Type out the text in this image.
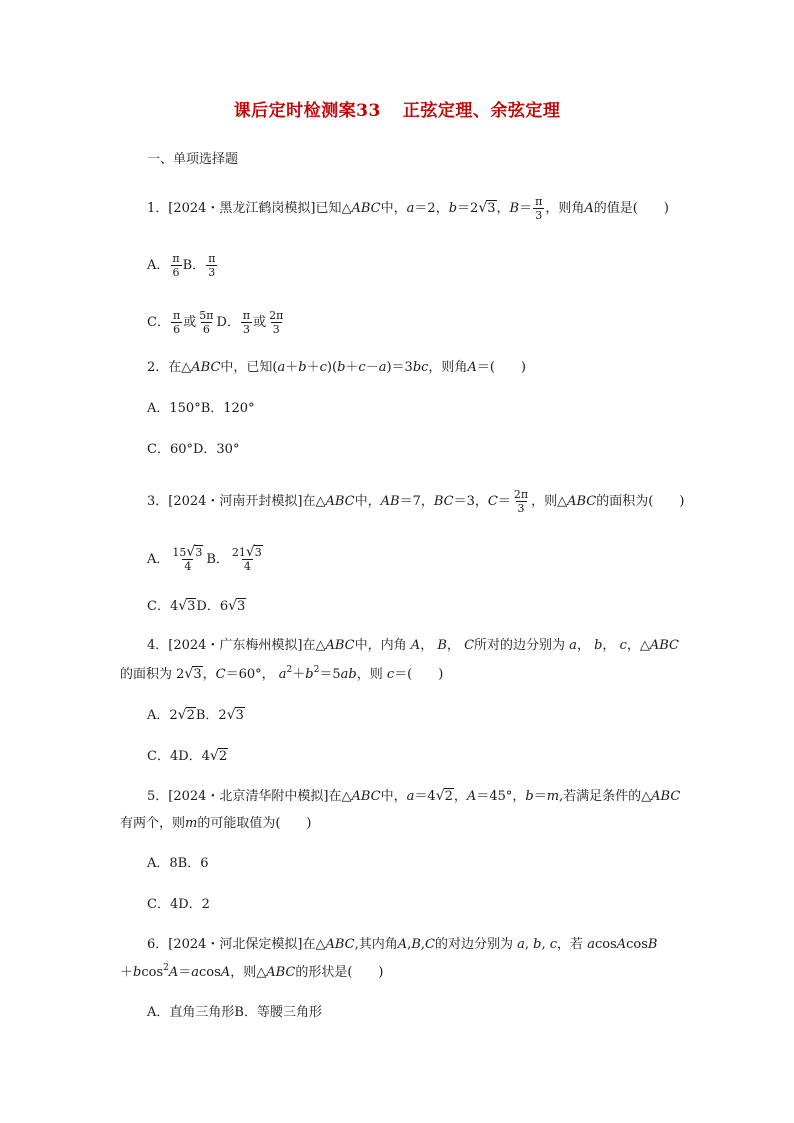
课后定时检测案33 正弦定理、余弦定理
一、单项选择题
1．[2024・黑龙江鹤岗模拟]已知△ABC中，a＝2，b＝2√3，$B= \frac{\pi}{3}$ ，则角A的值是(　　)
A． $\frac{\pi}{6}$ B． $\frac{\pi}{3}$
C． $\frac{\pi}{6}$ 或 $\frac{5\pi}{6}$ D． $\frac{\pi}{3}$ 或 $\frac{2\pi}{3}$
2．在△ABC中，已知(a＋b＋c)(b＋c－a)＝3bc，则角A＝(　　)
A．150°B．120°
C．60°D．30°
3．[2024・河南开封模拟]在△ABC中，AB＝7，BC＝3，$C= \frac{2\pi}{3}$ ，则△ABC的面积为(　　)
A． $\frac{15√3}{4}$ B． $\frac{21√3}{4}$
C．4√3D．6√3
4．[2024・广东梅州模拟]在△ABC中，内角 A， B， C所对的边分别为 a， b， c，△ABC
的面积为 2√3，C＝60°， $a^2+b^2=5ab$，则 c＝(　　)
A．2√2B．2√3
C．4D．4√2
5．[2024・北京清华附中模拟]在△ABC中，a＝4√2，A＝45°，b＝m,若满足条件的△ABC
有两个，则m的可能取值为(　　)
A．8B．6
C．4D．2
6．[2024・河北保定模拟]在△ABC,其内角A,B,C的对边分别为 a, b, c，若 acosAcosB
＋bcos$^2$A＝acosA，则△ABC的形状是(　　)
A．直角三角形B．等腰三角形
